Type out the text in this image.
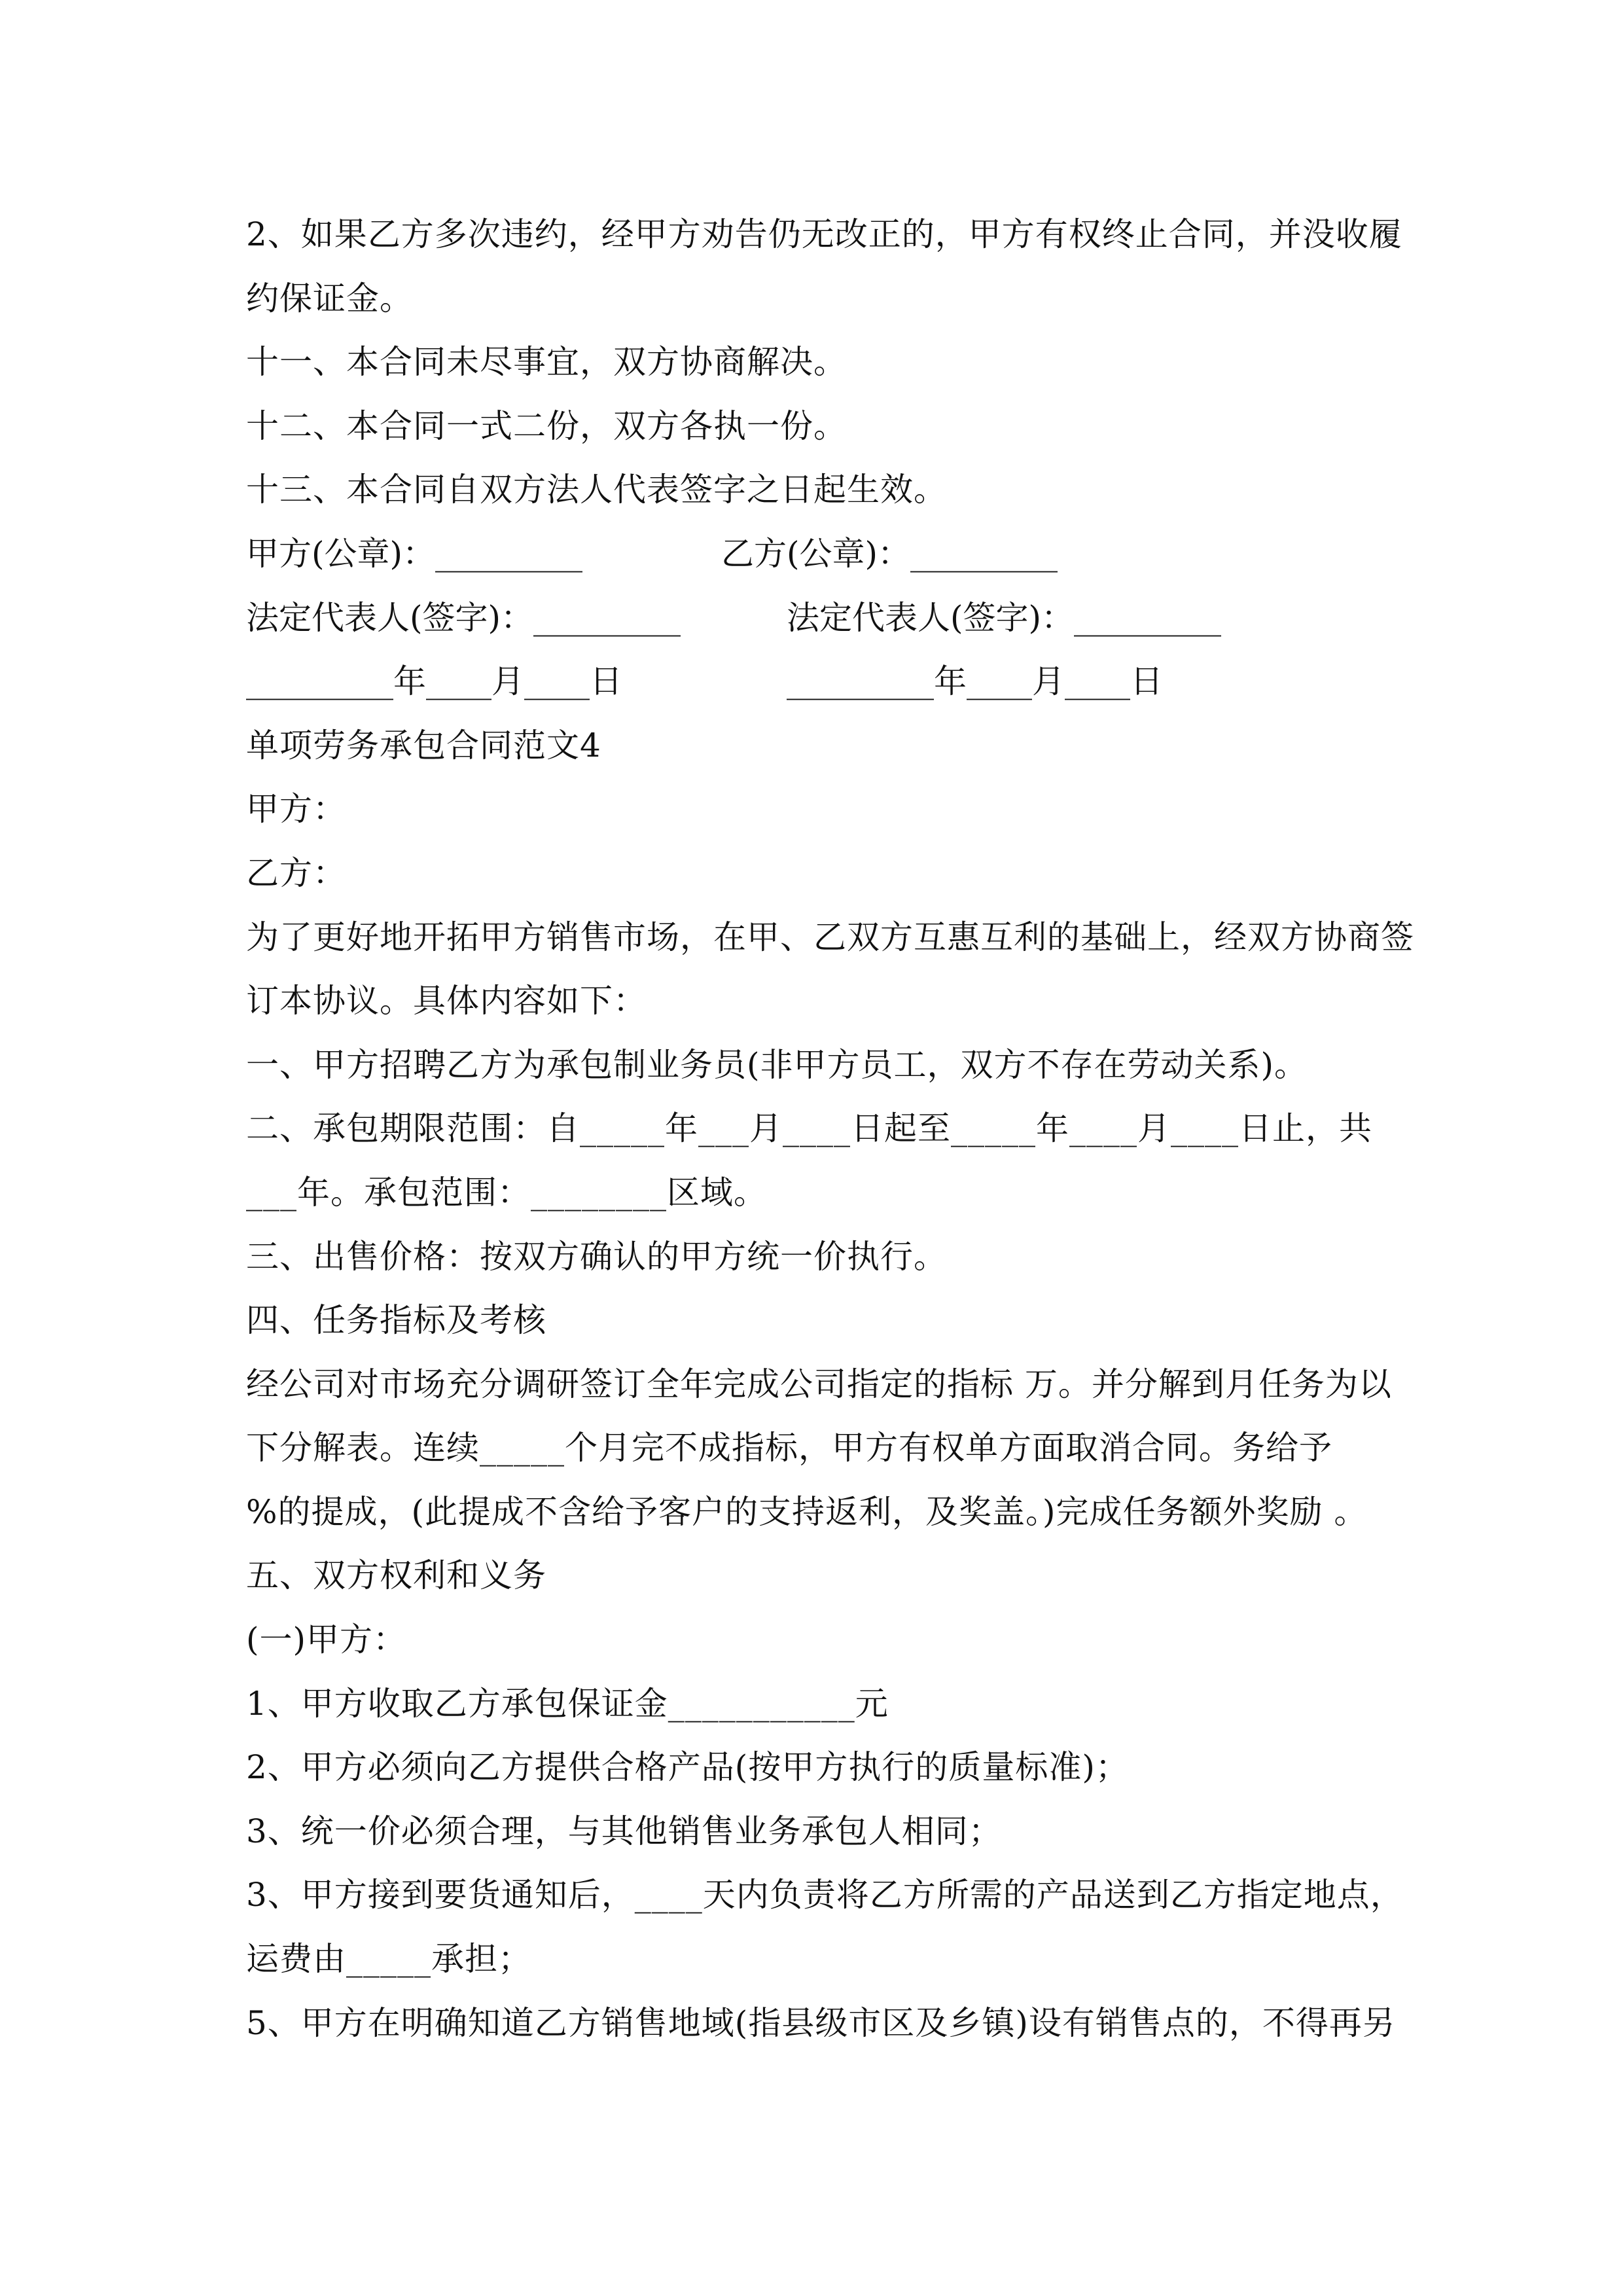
2、如果乙方多次违约，经甲方劝告仍无改正的，甲方有权终止合同，并没收履
约保证金。
十一、本合同未尽事宜，双方协商解决。
十二、本合同一式二份，双方各执一份。
十三、本合同自双方法人代表签字之日起生效。

甲方(公章)：_________

	乙方(公章)：_________

法定代表人(签字)：_________

	法定代表人(签字)：_________

_________年____月____日

	_________年____月____日

单项劳务承包合同范文4
甲方：
乙方：
为了更好地开拓甲方销售市场，在甲、乙双方互惠互利的基础上，经双方协商签
订本协议。具体内容如下：
一、甲方招聘乙方为承包制业务员(非甲方员工，双方不存在劳动关系)。
二、承包期限范围：自_____年___月____日起至_____年____月____日止，共
___年。承包范围：________区域。
三、出售价格：按双方确认的甲方统一价执行。
四、任务指标及考核
经公司对市场充分调研签订全年完成公司指定的指标 万。并分解到月任务为以
下分解表。连续_____个月完不成指标，甲方有权单方面取消合同。务给予
%的提成，(此提成不含给予客户的支持返利，及奖盖。)完成任务额外奖励 。
五、双方权利和义务
(一)甲方：
1、甲方收取乙方承包保证金___________元
2、甲方必须向乙方提供合格产品(按甲方执行的质量标准)；
3、统一价必须合理，与其他销售业务承包人相同；
3、甲方接到要货通知后，____天内负责将乙方所需的产品送到乙方指定地点，
运费由_____承担；
5、甲方在明确知道乙方销售地域(指县级市区及乡镇)设有销售点的，不得再另
